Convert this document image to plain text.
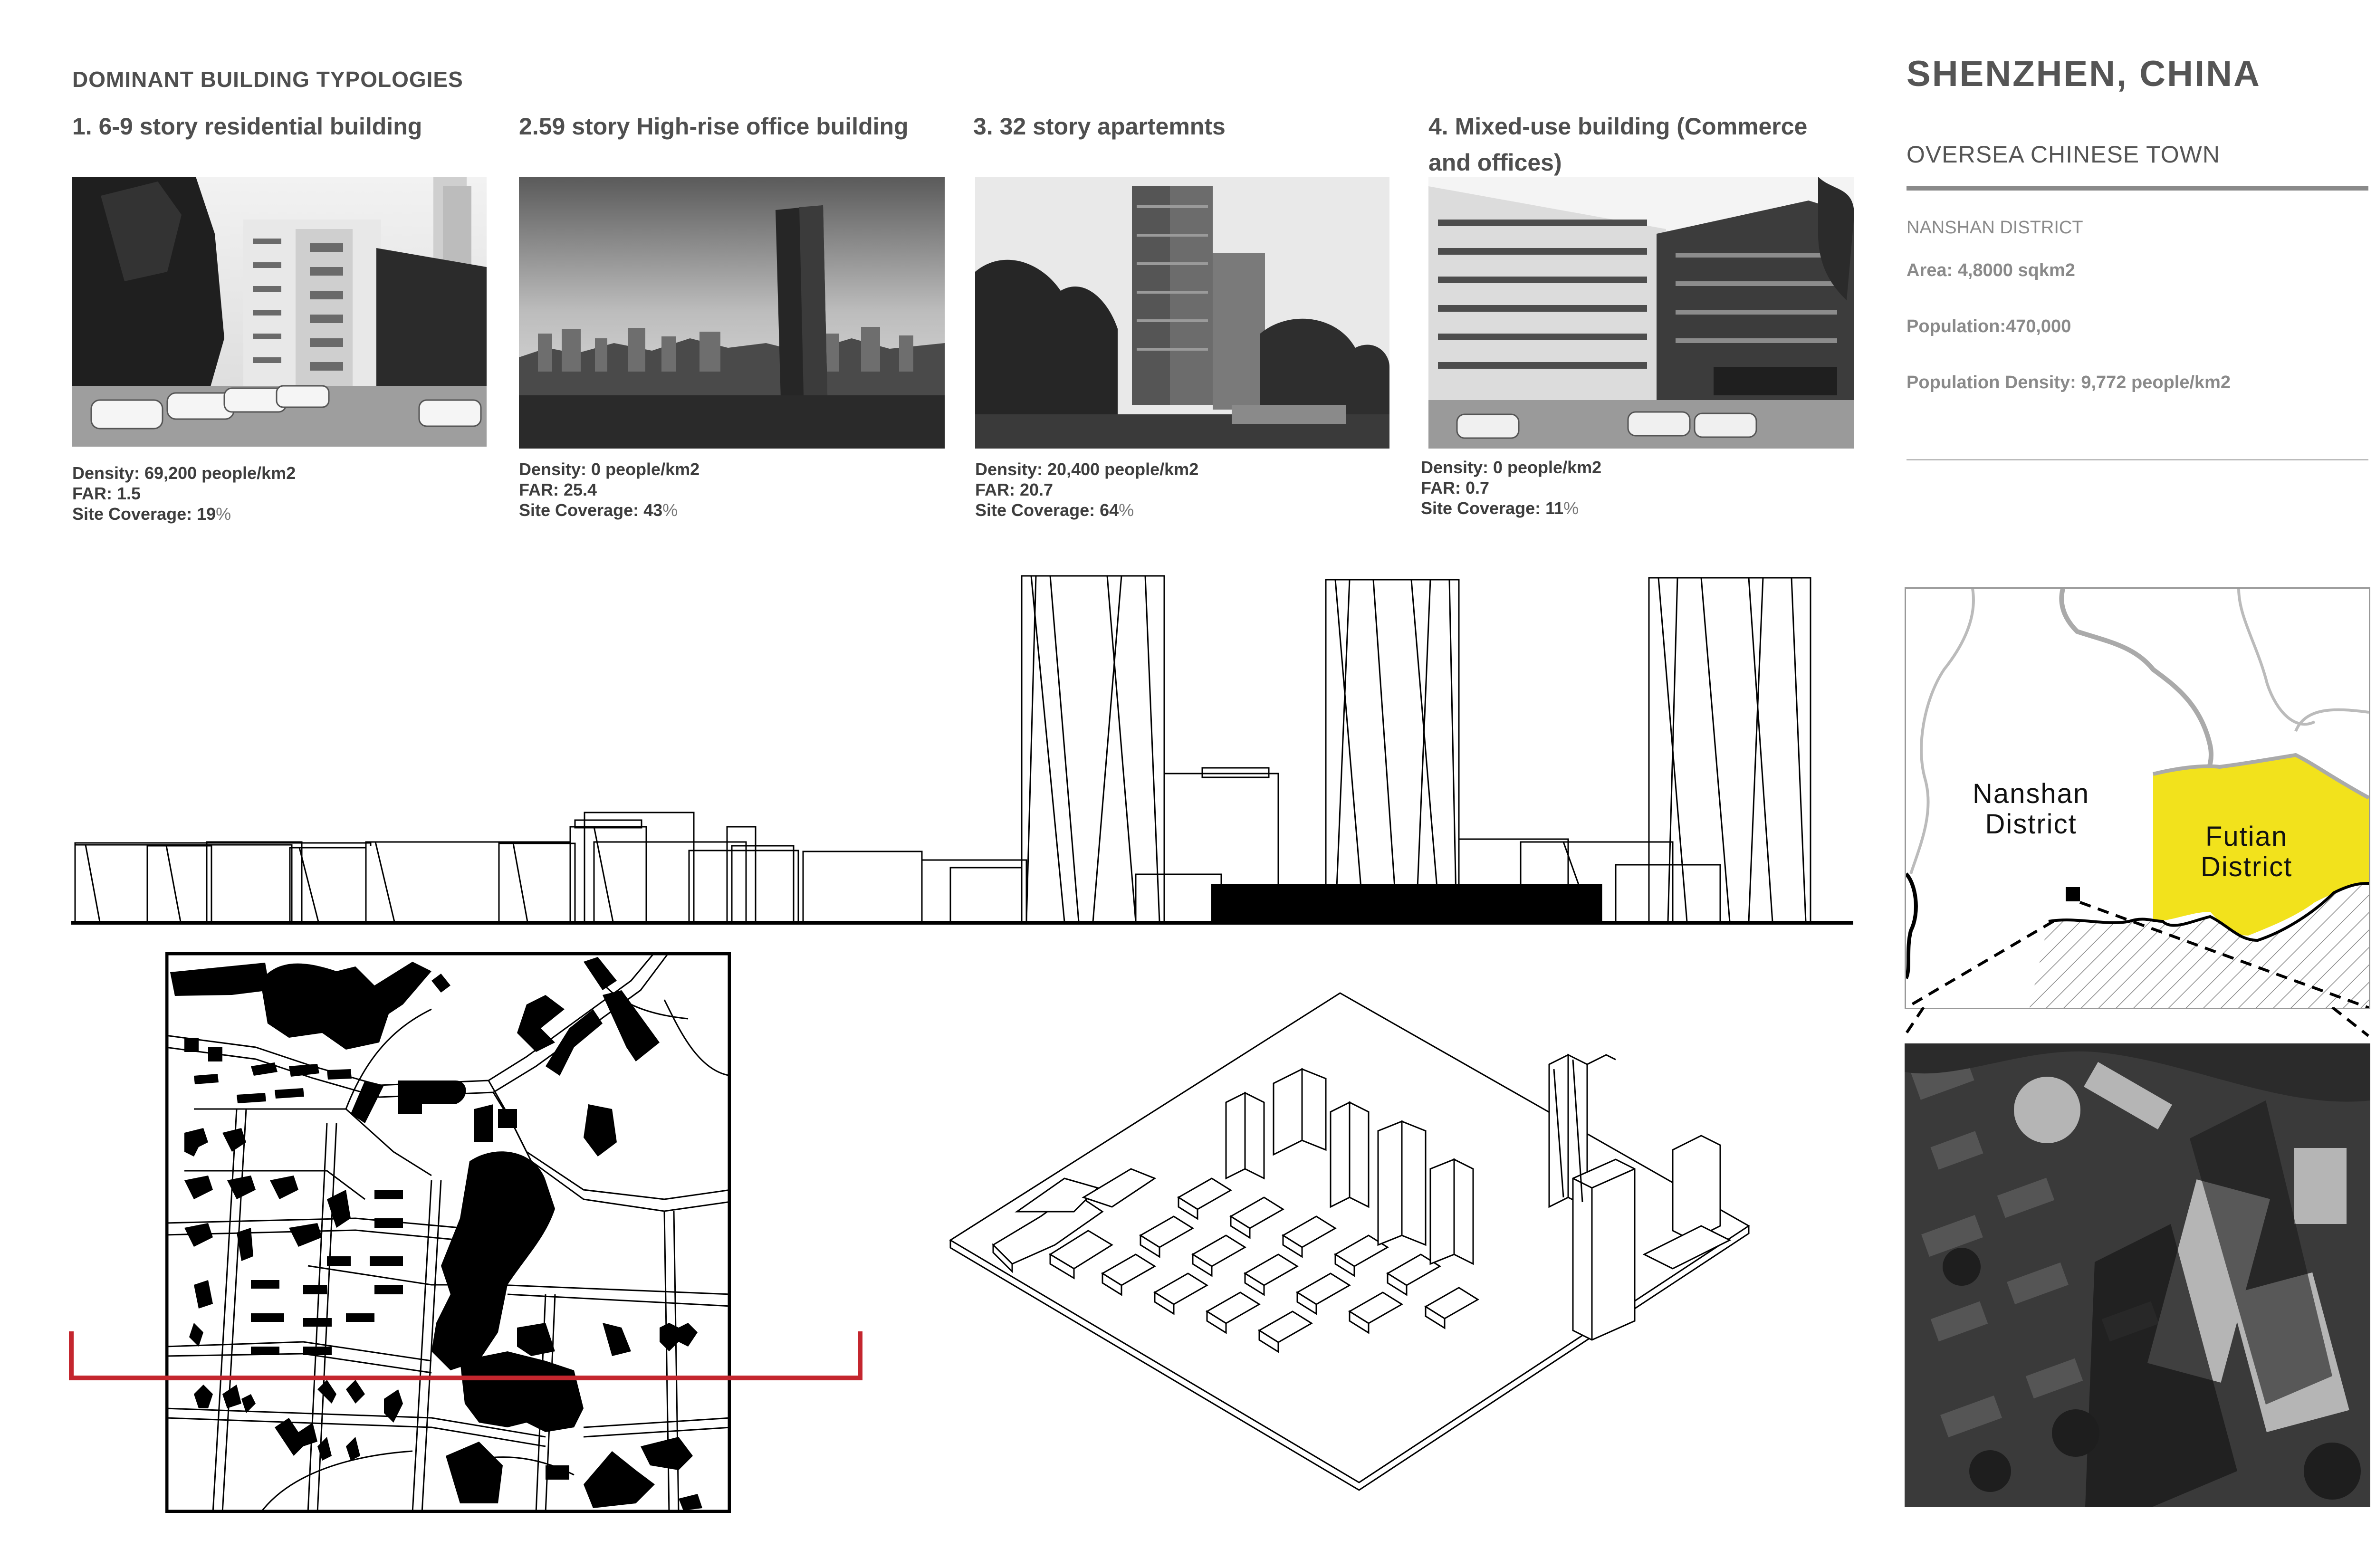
DOMINANT BUILDING TYPOLOGIES
1. 6-9 story residential building
Density: 69,200 people/km2
FAR: 1.5
Site Coverage: 19%
2.59 story High-rise office building
Density: 0 people/km2
FAR: 25.4
Site Coverage: 43%
3. 32 story apartemnts
Density: 20,400 people/km2
FAR: 20.7
Site Coverage: 64%
4. Mixed-use building (Commerce
and offices)
Density: 0 people/km2
FAR: 0.7
Site Coverage: 11%
SHENZHEN, CHINA
OVERSEA CHINESE TOWN
NANSHAN DISTRICT
Area: 4,8000 sqkm2
Population:470,000
Population Density: 9,772 people/km2
Nanshan
District	Futian
District
